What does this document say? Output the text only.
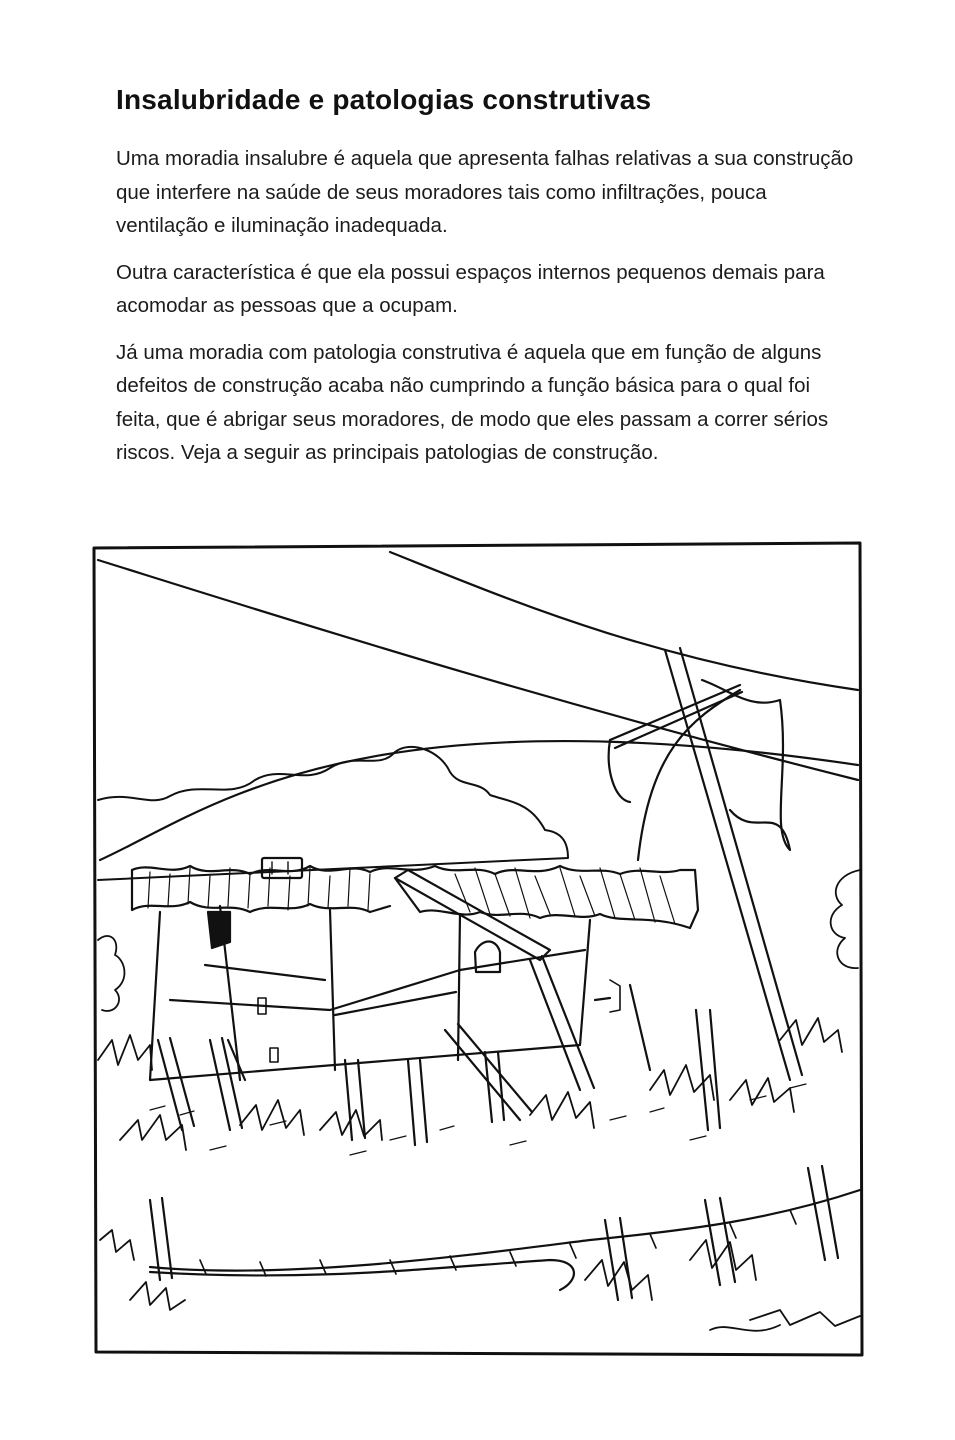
Insalubridade e patologias construtivas

Uma moradia insalubre é aquela que apresenta falhas relativas a sua construção que interfere na saúde de seus moradores tais como infiltrações, pouca ventilação e iluminação inadequada.

Outra característica é que ela possui espaços internos pequenos demais para acomodar as pessoas que a ocupam.

Já uma moradia com patologia construtiva é aquela que em função de alguns defeitos de construção acaba não cumprindo a função básica para o qual foi feita, que é abrigar seus moradores, de modo que eles passam a correr sérios riscos. Veja a seguir as principais patologias de construção.
